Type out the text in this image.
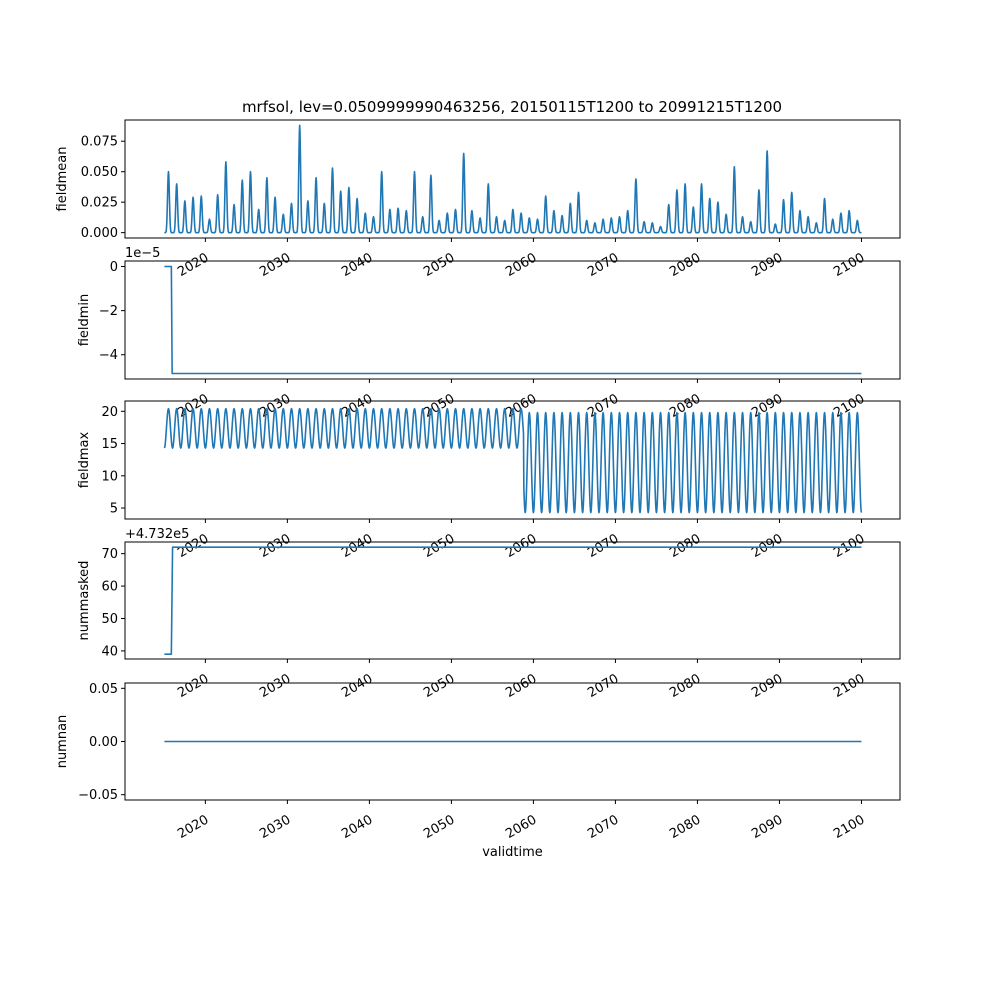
mrfsol, lev=0.0509999990463256, 20150115T1200 to 20991215T1200
0.000
0.025
0.050
0.075
2020	2030	2040	2050	2060	2070	2080	2090	2100
fieldmean
0
−2
−4
2020	2030	2040	2050	2060	2070	2080	2090	2100
fieldmin
1e−5
5
10
15
20
2020	2030	2040	2050	2060	2070	2080	2090	2100
fieldmax
40
50
60
70
2020	2030	2040	2050	2060	2070	2080	2090	2100
nummasked
+4.732e5
0.05
0.00
−0.05
2020	2030	2040	2050	2060	2070	2080	2090	2100
numnan
validtime
